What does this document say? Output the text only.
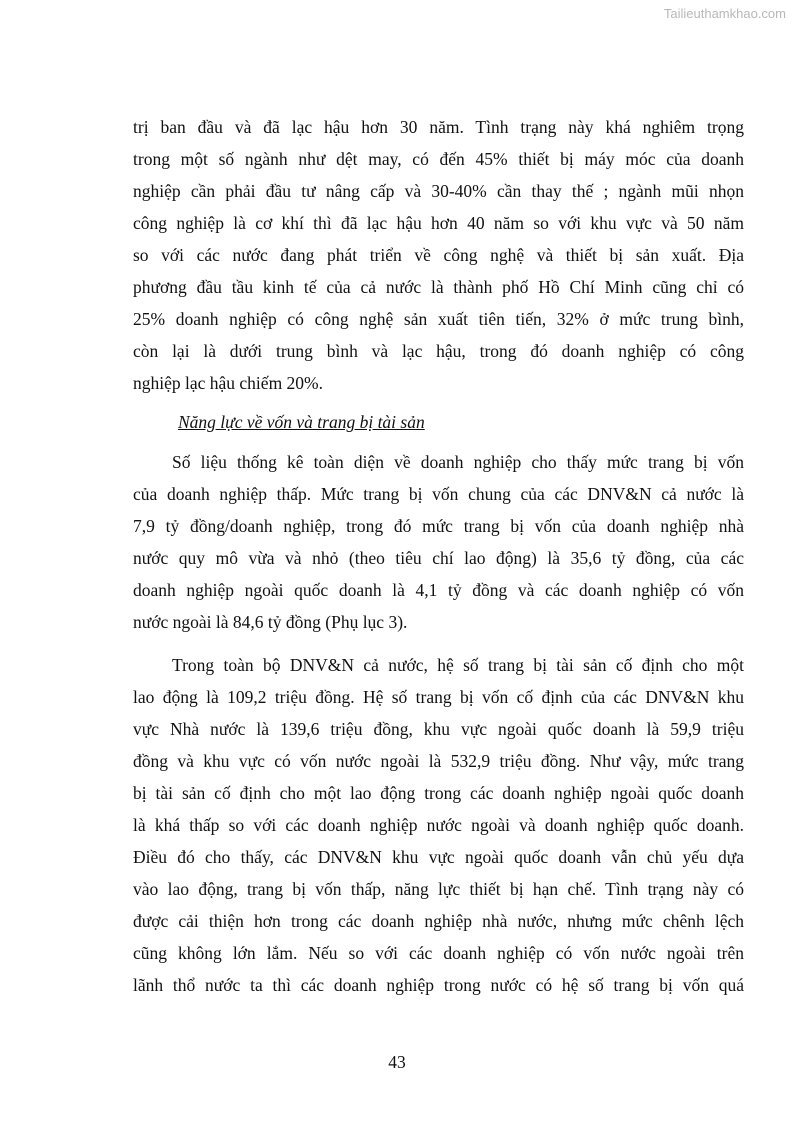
Tailieuthamkhao.com
trị ban đầu và đã lạc hậu hơn 30 năm. Tình trạng này khá nghiêm trọng
trong một số ngành như dệt may, có đến 45% thiết bị máy móc của doanh
nghiệp cần phải đầu tư nâng cấp và 30-40% cần thay thế ; ngành mũi nhọn
công nghiệp là cơ khí thì đã lạc hậu hơn 40 năm so với khu vực và 50 năm
so với các nước đang phát triển về công nghệ và thiết bị sản xuất. Địa
phương đầu tầu kinh tế của cả nước là thành phố Hồ Chí Minh cũng chỉ có
25% doanh nghiệp có công nghệ sản xuất tiên tiến, 32% ở mức trung bình,
còn lại là dưới trung bình và lạc hậu, trong đó doanh nghiệp có công
nghiệp lạc hậu chiếm 20%.
Năng lực về vốn và trang bị tài sản
Số liệu thống kê toàn diện về doanh nghiệp cho thấy mức trang bị vốn
của doanh nghiệp thấp. Mức trang bị vốn chung của các DNV&N cả nước là
7,9 tỷ đồng/doanh nghiệp, trong đó mức trang bị vốn của doanh nghiệp nhà
nước quy mô vừa và nhỏ (theo tiêu chí lao động) là 35,6 tỷ đồng, của các
doanh nghiệp ngoài quốc doanh là 4,1 tỷ đồng và các doanh nghiệp có vốn
nước ngoài là 84,6 tỷ đồng (Phụ lục 3).
Trong toàn bộ DNV&N cả nước, hệ số trang bị tài sản cố định cho một
lao động là 109,2 triệu đồng. Hệ số trang bị vốn cố định của các DNV&N khu
vực Nhà nước là 139,6 triệu đồng, khu vực ngoài quốc doanh là 59,9 triệu
đồng và khu vực có vốn nước ngoài là 532,9 triệu đồng. Như vậy, mức trang
bị tài sản cố định cho một lao động trong các doanh nghiệp ngoài quốc doanh
là khá thấp so với các doanh nghiệp nước ngoài và doanh nghiệp quốc doanh.
Điều đó cho thấy, các DNV&N khu vực ngoài quốc doanh vẫn chủ yếu dựa
vào lao động, trang bị vốn thấp, năng lực thiết bị hạn chế. Tình trạng này có
được cải thiện hơn trong các doanh nghiệp nhà nước, nhưng mức chênh lệch
cũng không lớn lắm. Nếu so với các doanh nghiệp có vốn nước ngoài trên
lãnh thổ nước ta thì các doanh nghiệp trong nước có hệ số trang bị vốn quá
43
